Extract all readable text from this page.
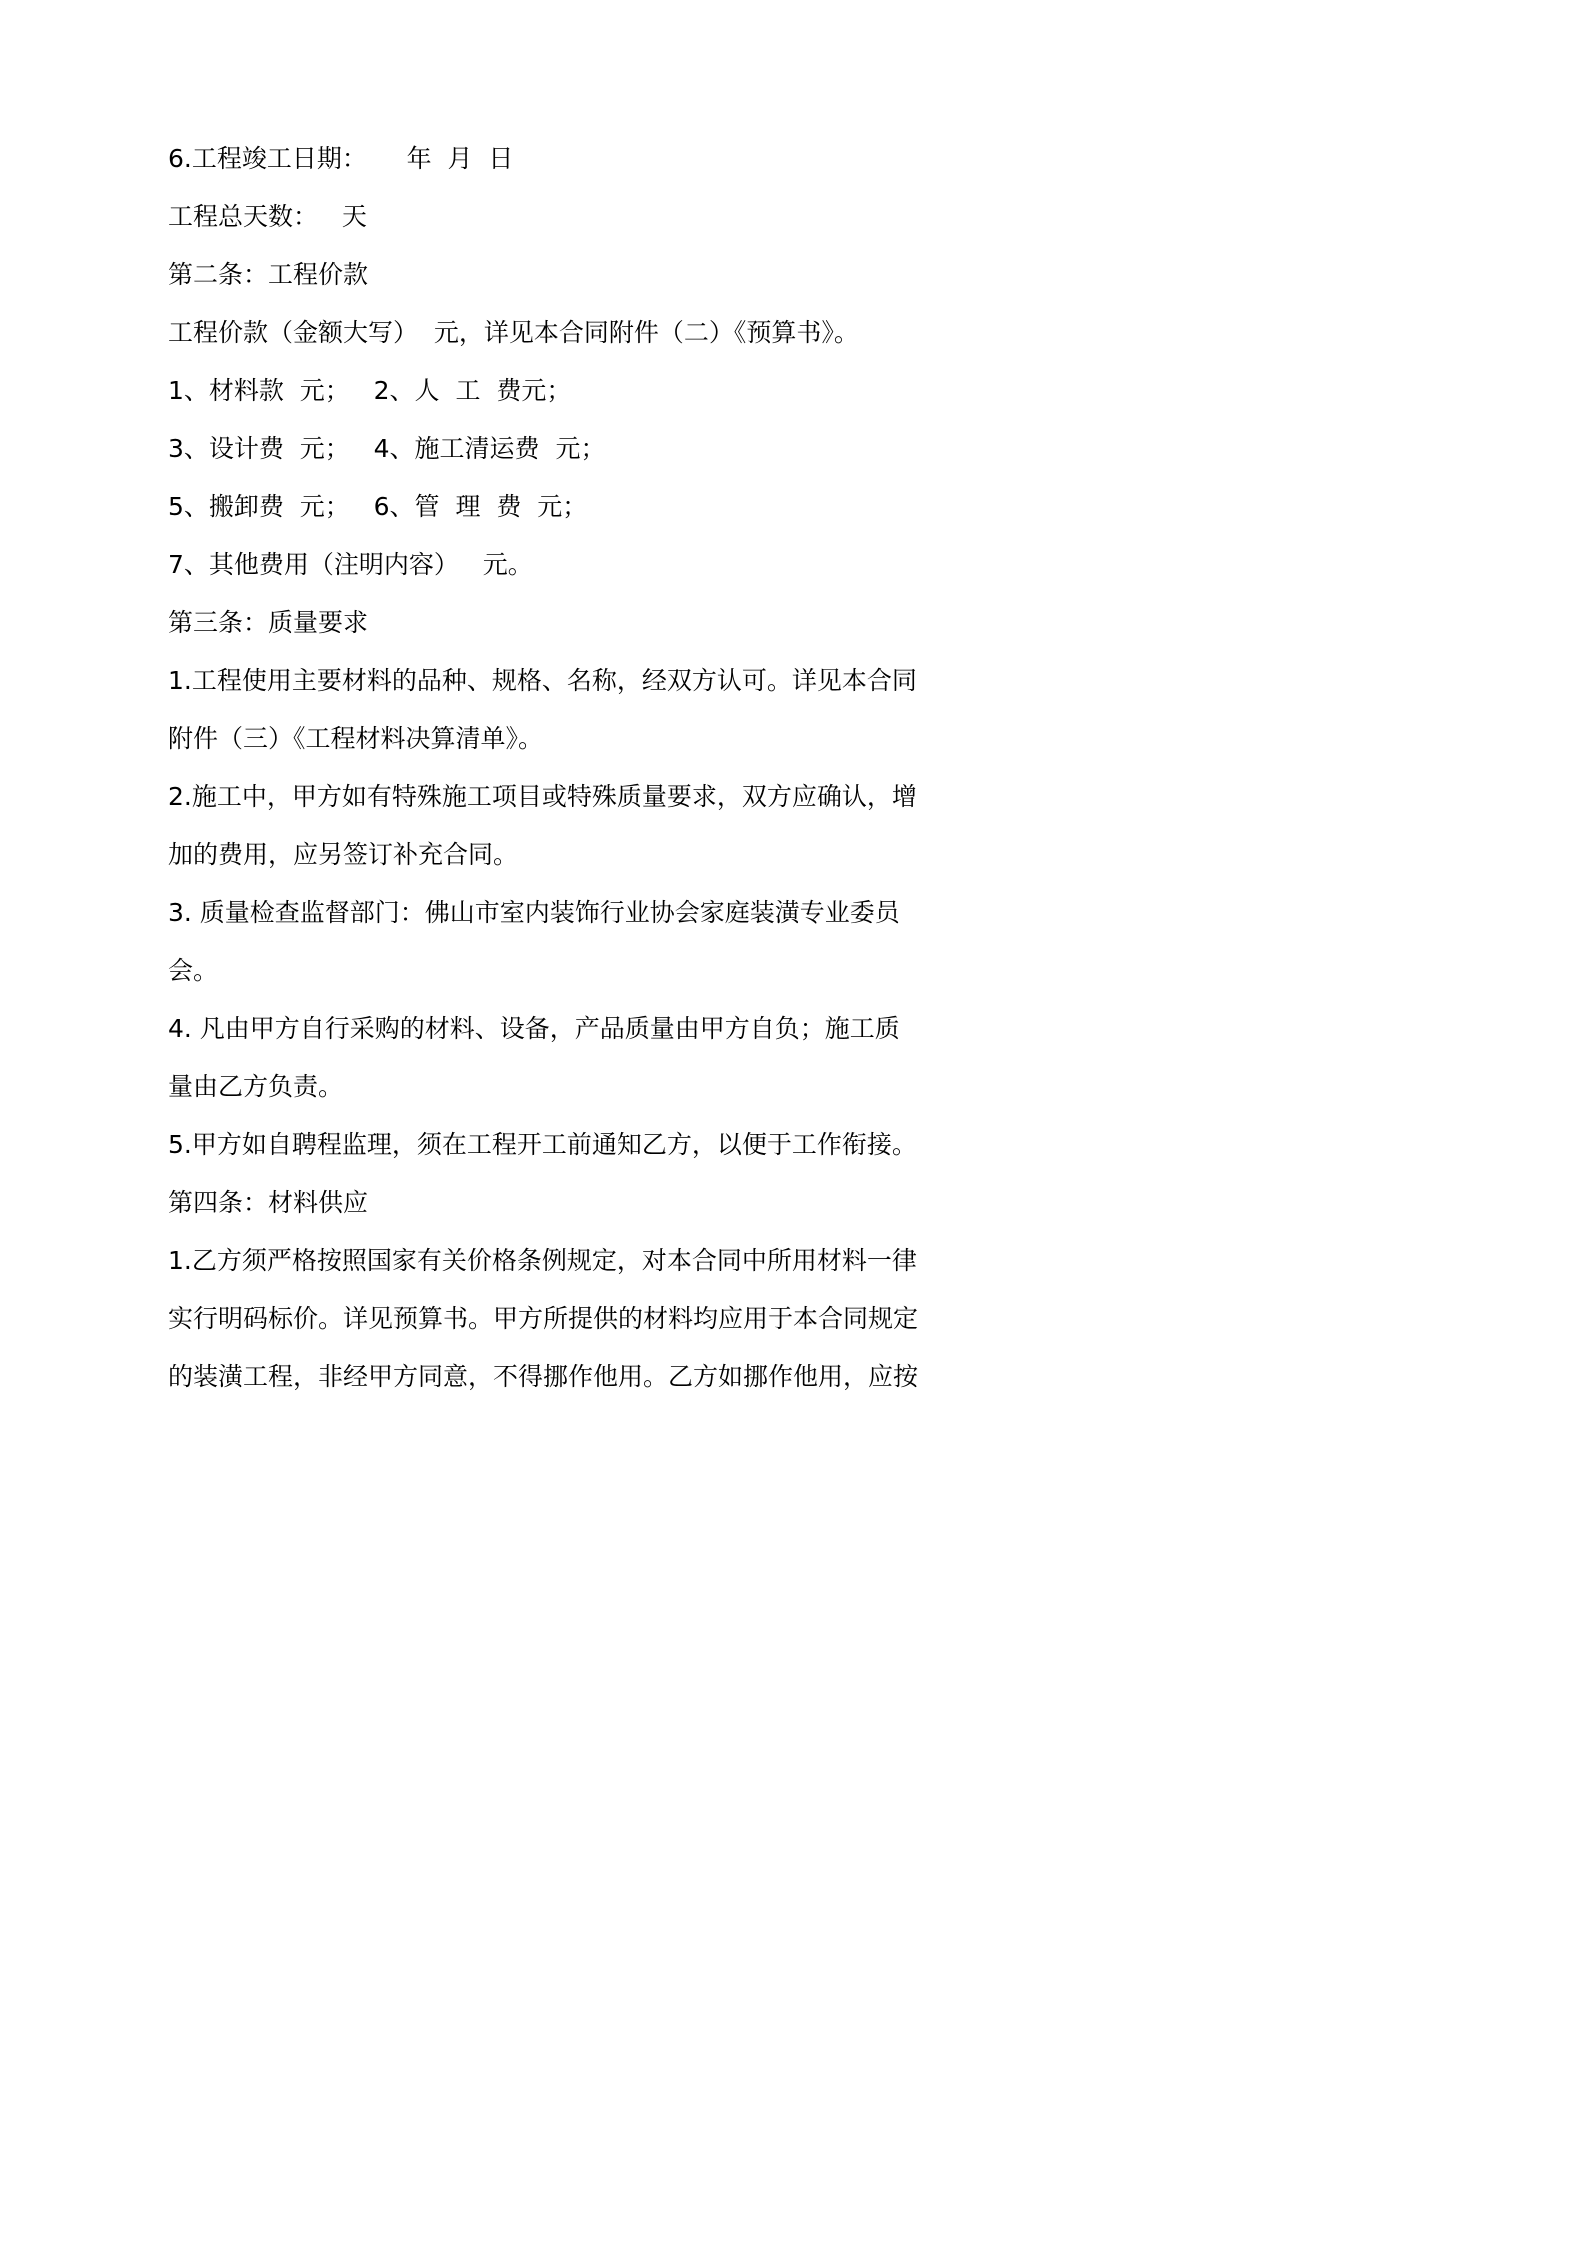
6.工程竣工日期：     年  月  日
工程总天数：   天
第二条：工程价款
工程价款（金额大写）  元，详见本合同附件（二）《预算书》。
1、材料款  元；   2、人  工  费元；
3、设计费  元；   4、施工清运费  元；
5、搬卸费  元；   6、管  理  费  元；
7、其他费用（注明内容）   元。
第三条：质量要求
1.工程使用主要材料的品种、规格、名称，经双方认可。详见本合同
附件（三）《工程材料决算清单》。
2.施工中，甲方如有特殊施工项目或特殊质量要求，双方应确认，增
加的费用，应另签订补充合同。
3. 质量检查监督部门：佛山市室内装饰行业协会家庭装潢专业委员
会。
4. 凡由甲方自行采购的材料、设备，产品质量由甲方自负；施工质
量由乙方负责。
5.甲方如自聘程监理，须在工程开工前通知乙方，以便于工作衔接。
第四条：材料供应
1.乙方须严格按照国家有关价格条例规定，对本合同中所用材料一律
实行明码标价。详见预算书。甲方所提供的材料均应用于本合同规定
的装潢工程，非经甲方同意，不得挪作他用。乙方如挪作他用，应按
